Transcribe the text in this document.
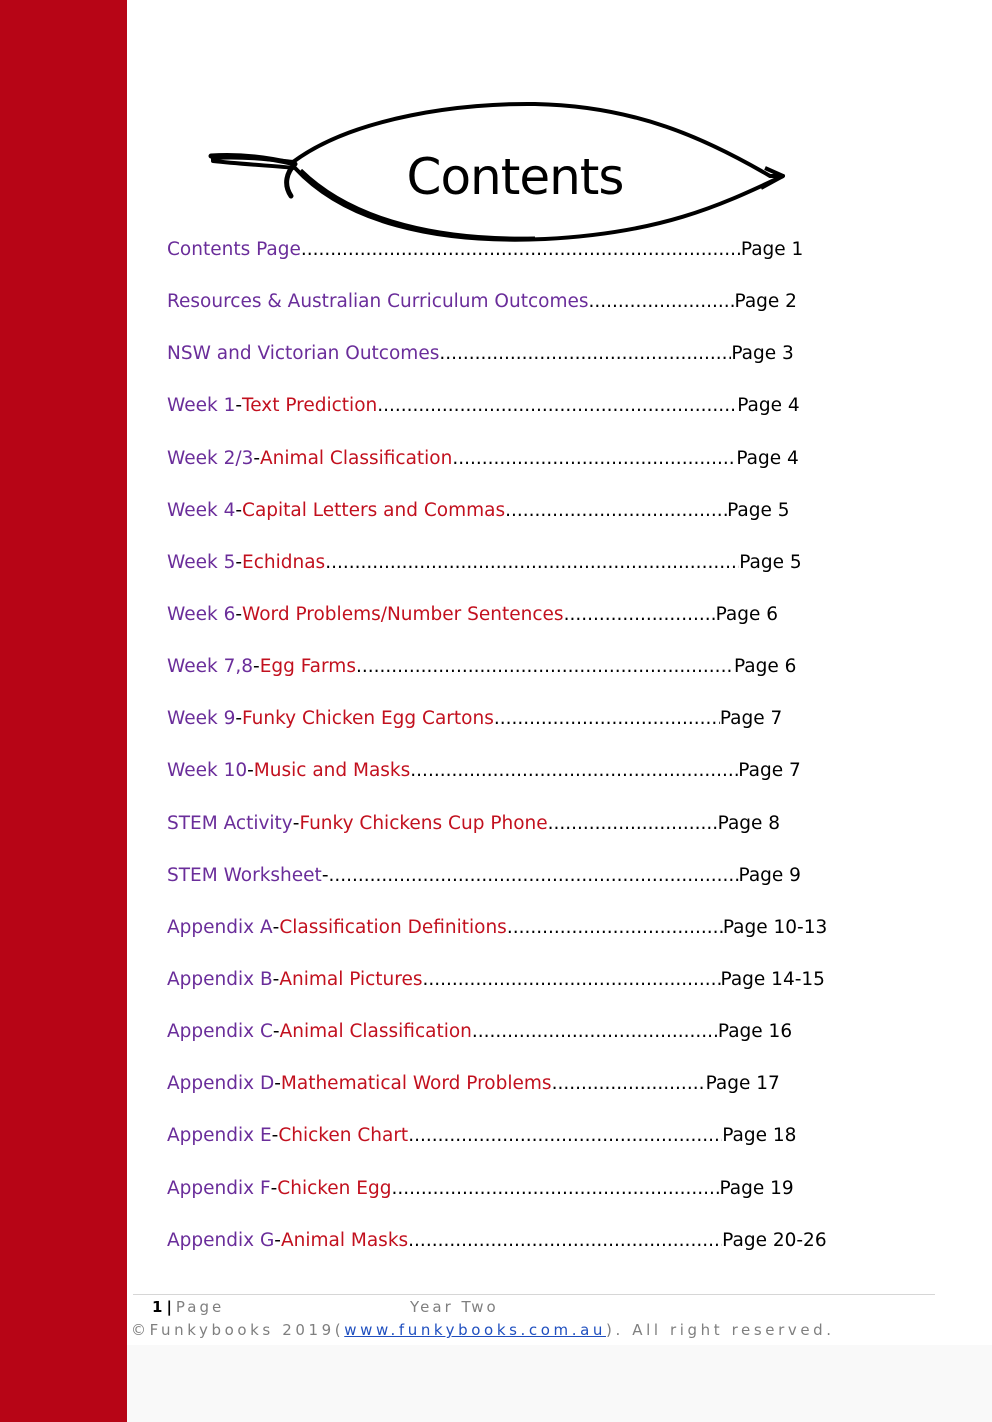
Contents
Contents Page .....	Page 1
Resources & Australian Curriculum Outcomes .....	Page 2
NSW and Victorian Outcomes .....	Page 3
Week 1 - Text Prediction .....	Page 4
Week 2/3 - Animal Classification .....	Page 4
Week 4 - Capital Letters and Commas .....	Page 5
Week 5 - Echidnas .....	Page 5
Week 6 - Word Problems/Number Sentences .....	Page 6
Week 7,8 - Egg Farms .....	Page 6
Week 9 - Funky Chicken Egg Cartons .....	Page 7
Week 10 - Music and Masks .....	Page 7
STEM Activity - Funky Chickens Cup Phone .....	Page 8
STEM Worksheet - .....	Page 9
Appendix A - Classification Definitions .....	Page 10-13
Appendix B - Animal Pictures .....	Page 14-15
Appendix C - Animal Classification .....	Page 16
Appendix D - Mathematical Word Problems .....	Page 17
Appendix E - Chicken Chart .....	Page 18
Appendix F - Chicken Egg .....	Page 19
Appendix G - Animal Masks .....	Page 20-26
1 | Page	Year Two
©Funkybooks 2019(www.funkybooks.com.au). All right reserved.
